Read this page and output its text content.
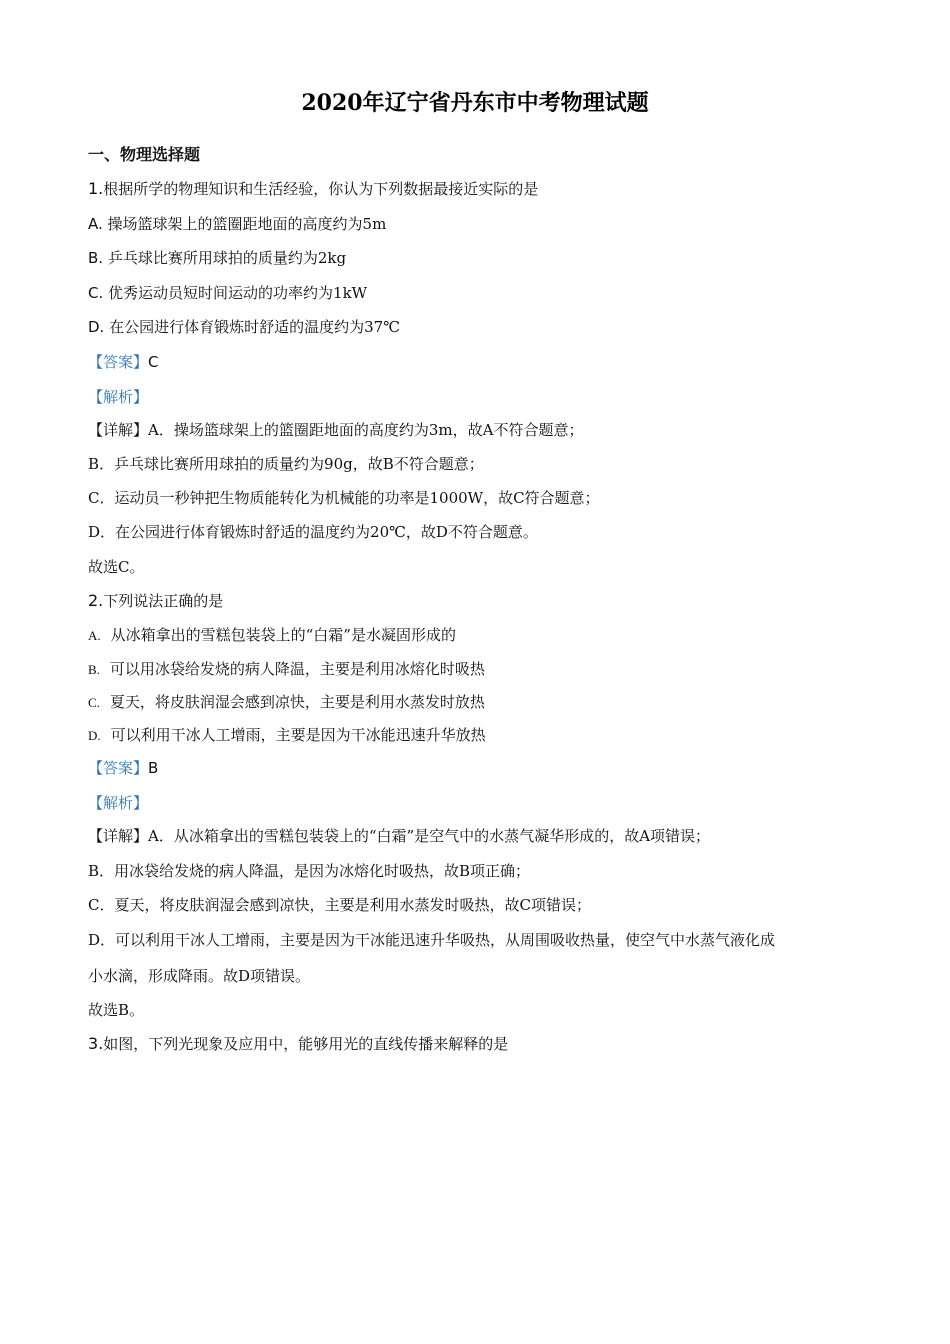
2020年辽宁省丹东市中考物理试题
一、物理选择题
1.根据所学的物理知识和生活经验，你认为下列数据最接近实际的是
A. 操场篮球架上的篮圈距地面的高度约为5m
B. 乒乓球比赛所用球拍的质量约为2kg
C. 优秀运动员短时间运动的功率约为1kW
D. 在公园进行体育锻炼时舒适的温度约为37℃
【答案】C
【解析】
【详解】A．操场篮球架上的篮圈距地面的高度约为3m，故A不符合题意；
B．乒乓球比赛所用球拍的质量约为90g，故B不符合题意；
C．运动员一秒钟把生物质能转化为机械能的功率是1000W，故C符合题意；
D．在公园进行体育锻炼时舒适的温度约为20℃，故D不符合题意。
故选C。
2.下列说法正确的是
A. 从冰箱拿出的雪糕包装袋上的“白霜”是水凝固形成的
B. 可以用冰袋给发烧的病人降温，主要是利用冰熔化时吸热
C. 夏天，将皮肤润湿会感到凉快，主要是利用水蒸发时放热
D. 可以利用干冰人工增雨，主要是因为干冰能迅速升华放热
【答案】B
【解析】
【详解】A．从冰箱拿出的雪糕包装袋上的“白霜”是空气中的水蒸气凝华形成的，故A项错误；
B．用冰袋给发烧的病人降温，是因为冰熔化时吸热，故B项正确；
C．夏天，将皮肤润湿会感到凉快，主要是利用水蒸发时吸热，故C项错误；
D．可以利用干冰人工增雨，主要是因为干冰能迅速升华吸热，从周围吸收热量，使空气中水蒸气液化成
小水滴，形成降雨。故D项错误。
故选B。
3.如图，下列光现象及应用中，能够用光的直线传播来解释的是
